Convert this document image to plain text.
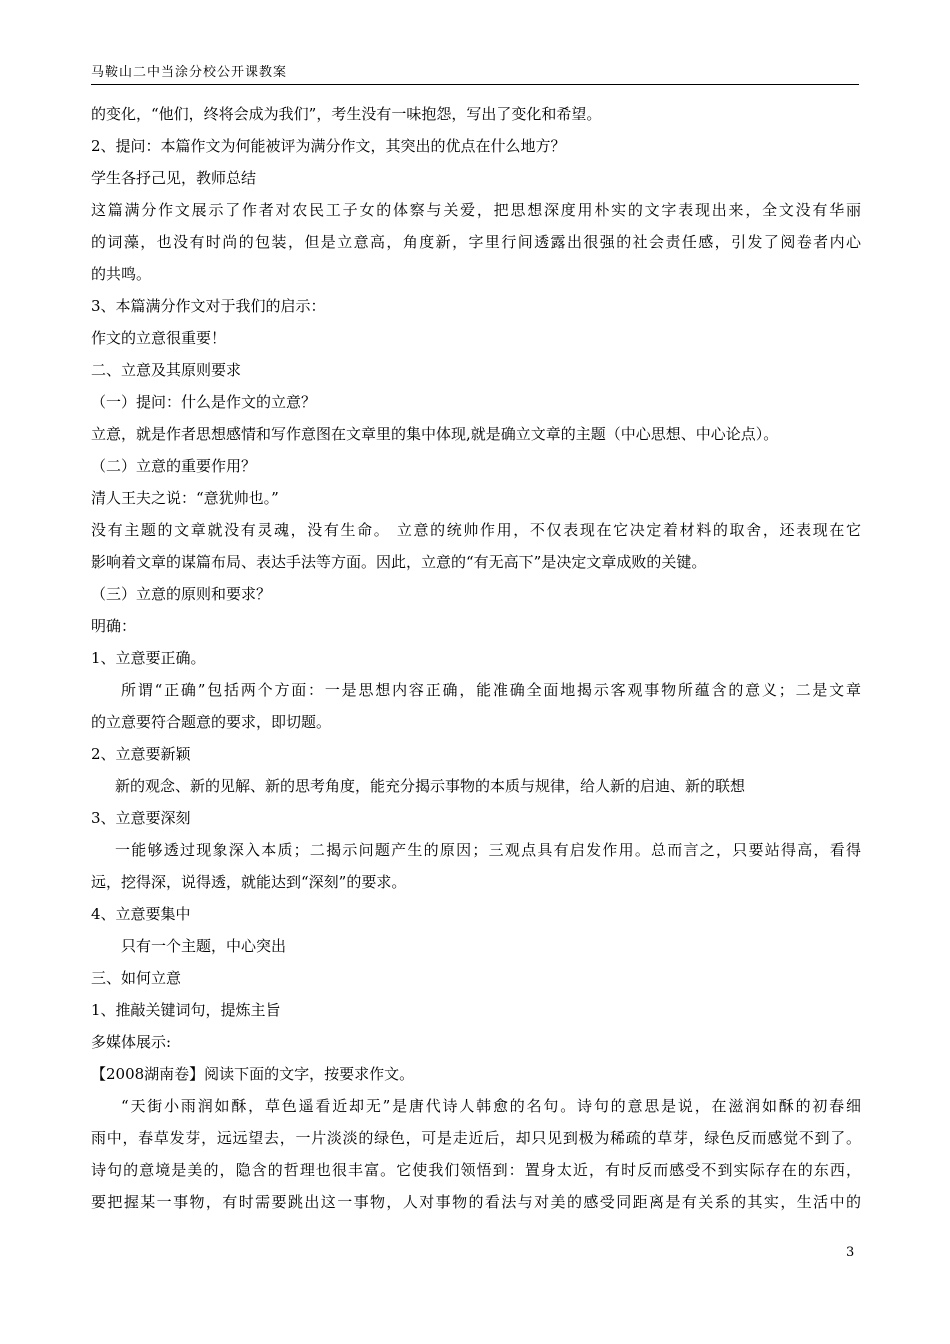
马鞍山二中当涂分校公开课教案
的变化，“他们，终将会成为我们”，考生没有一味抱怨，写出了变化和希望。
2、提问：本篇作文为何能被评为满分作文，其突出的优点在什么地方？
学生各抒己见，教师总结
这篇满分作文展示了作者对农民工子女的体察与关爱，把思想深度用朴实的文字表现出来，全文没有华丽
的词藻，也没有时尚的包装，但是立意高，角度新，字里行间透露出很强的社会责任感，引发了阅卷者内心
的共鸣。
3、本篇满分作文对于我们的启示：
作文的立意很重要！
二、立意及其原则要求
（一）提问：什么是作文的立意？
立意，就是作者思想感情和写作意图在文章里的集中体现,就是确立文章的主题（中心思想、中心论点）。
（二）立意的重要作用？
清人王夫之说：“意犹帅也。”
没有主题的文章就没有灵魂，没有生命。 立意的统帅作用，不仅表现在它决定着材料的取舍，还表现在它
影响着文章的谋篇布局、表达手法等方面。因此，立意的“有无高下”是决定文章成败的关键。
（三）立意的原则和要求？
明确：
1、立意要正确。
所谓“正确”包括两个方面：一是思想内容正确，能准确全面地揭示客观事物所蕴含的意义；二是文章
的立意要符合题意的要求，即切题。
2、立意要新颖
新的观念、新的见解、新的思考角度，能充分揭示事物的本质与规律，给人新的启迪、新的联想
3、立意要深刻
一能够透过现象深入本质；二揭示问题产生的原因；三观点具有启发作用。总而言之，只要站得高，看得
远，挖得深，说得透，就能达到“深刻”的要求。
4、立意要集中
只有一个主题，中心突出
三、如何立意
1、推敲关键词句，提炼主旨
多媒体展示:
【2008湖南卷】阅读下面的文字，按要求作文。
“天街小雨润如酥，草色遥看近却无”是唐代诗人韩愈的名句。诗句的意思是说，在滋润如酥的初春细
雨中，春草发芽，远远望去，一片淡淡的绿色，可是走近后，却只见到极为稀疏的草芽，绿色反而感觉不到了。
诗句的意境是美的，隐含的哲理也很丰富。它使我们领悟到：置身太近，有时反而感受不到实际存在的东西，
要把握某一事物，有时需要跳出这一事物，人对事物的看法与对美的感受同距离是有关系的其实，生活中的
3
